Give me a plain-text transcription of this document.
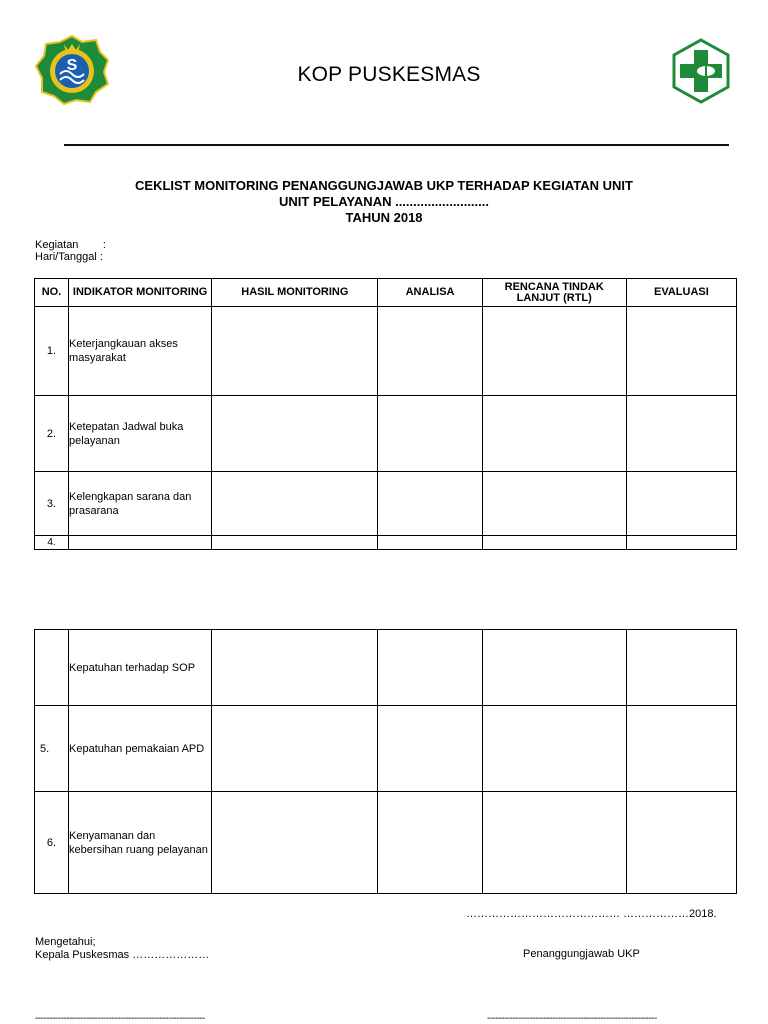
S	KOP PUSKESMAS
CEKLIST MONITORING PENANGGUNGJAWAB UKP TERHADAP KEGIATAN UNIT
UNIT PELAYANAN ..........................
TAHUN 2018
Kegiatan        :
Hari/Tanggal :
NO.	INDIKATOR MONITORING	HASIL MONITORING	ANALISA	RENCANA TINDAK LANJUT (RTL)	EVALUASI
1.	Keterjangkauan akses masyarakat				
2.	Ketepatan Jadwal buka pelayanan				
3.	Kelengkapan sarana dan prasarana				
4.					
	Kepatuhan terhadap SOP				
5.	Kepatuhan pemakaian APD				
6.	Kenyamanan dan kebersihan ruang pelayanan				
…………………………………… ………………2018.
Mengetahui;
Kepala Puskesmas …………………	Penanggungjawab UKP
------------------------------------------------------------	------------------------------------------------------------
